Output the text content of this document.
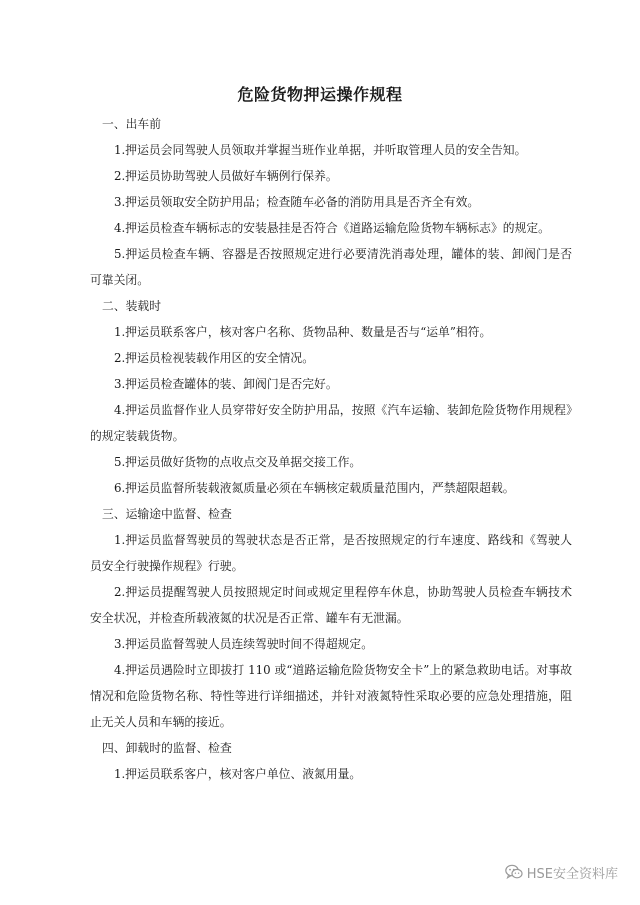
危险货物押运操作规程

一、出车前

1.押运员会同驾驶人员领取并掌握当班作业单据，并听取管理人员的安全告知。

2.押运员协助驾驶人员做好车辆例行保养。

3.押运员领取安全防护用品；检查随车必备的消防用具是否齐全有效。

4.押运员检查车辆标志的安装悬挂是否符合《道路运输危险货物车辆标志》的规定。

5.押运员检查车辆、容器是否按照规定进行必要清洗消毒处理，罐体的装、卸阀门是否可靠关闭。

二、装载时

1.押运员联系客户，核对客户名称、货物品种、数量是否与“运单”相符。

2.押运员检视装载作用区的安全情况。

3.押运员检查罐体的装、卸阀门是否完好。

4.押运员监督作业人员穿带好安全防护用品，按照《汽车运输、装卸危险货物作用规程》的规定装载货物。

5.押运员做好货物的点收点交及单据交接工作。

6.押运员监督所装载液氮质量必须在车辆核定载质量范围内，严禁超限超载。

三、运输途中监督、检查

1.押运员监督驾驶员的驾驶状态是否正常，是否按照规定的行车速度、路线和《驾驶人员安全行驶操作规程》行驶。

2.押运员提醒驾驶人员按照规定时间或规定里程停车休息，协助驾驶人员检查车辆技术安全状况，并检查所载液氮的状况是否正常、罐车有无泄漏。

3.押运员监督驾驶人员连续驾驶时间不得超规定。

4.押运员遇险时立即拔打 110 或“道路运输危险货物安全卡”上的紧急救助电话。对事故情况和危险货物名称、特性等进行详细描述，并针对液氮特性采取必要的应急处理措施，阻止无关人员和车辆的接近。

四、卸载时的监督、检查

1.押运员联系客户，核对客户单位、液氮用量。

HSE安全资料库
